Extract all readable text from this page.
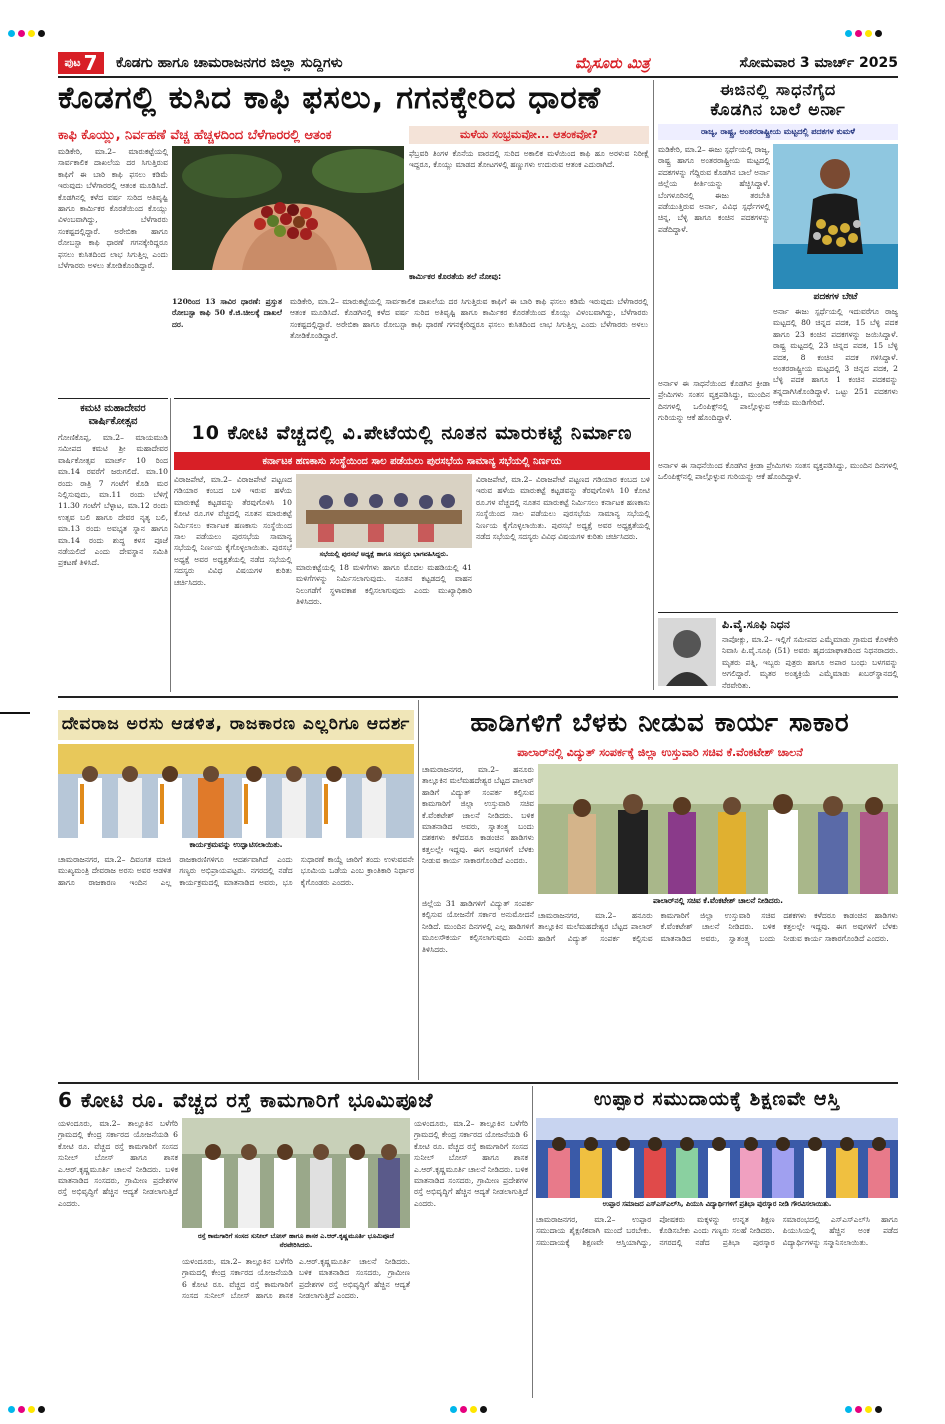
ಪುಟ 7 ಕೊಡಗು ಹಾಗೂ ಚಾಮರಾಜನಗರ ಜಿಲ್ಲಾ ಸುದ್ದಿಗಳು	ಮೈಸೂರು ಮಿತ್ರ	ಸೋಮವಾರ 3 ಮಾರ್ಚ್ 2025
ಕೊಡಗಲ್ಲಿ ಕುಸಿದ ಕಾಫಿ ಫಸಲು, ಗಗನಕ್ಕೇರಿದ ಧಾರಣೆ
ಕಾಫಿ ಕೊಯ್ಲು, ನಿರ್ವಹಣೆ ವೆಚ್ಚ ಹೆಚ್ಚಳದಿಂದ ಬೆಳೆಗಾರರಲ್ಲಿ ಆತಂಕ
ಮಡಿಕೇರಿ, ಮಾ.2– ಮಾರುಕಟ್ಟೆಯಲ್ಲಿ ಸಾರ್ವಕಾಲಿಕ ದಾಖಲೆಯ ದರ ಸಿಗುತ್ತಿರುವ ಕಾಫಿಗೆ ಈ ಬಾರಿ ಕಾಫಿ ಫಸಲು ಕಡಿಮೆ ಇರುವುದು ಬೆಳೆಗಾರರಲ್ಲಿ ಆತಂಕ ಮೂಡಿಸಿದೆ. ಕೊಡಗಿನಲ್ಲಿ ಕಳೆದ ವರ್ಷ ಸುರಿದ ಅತಿವೃಷ್ಟಿ ಹಾಗೂ ಕಾರ್ಮಿಕರ ಕೊರತೆಯಿಂದ ಕೊಯ್ಲು ವಿಳಂಬವಾಗಿದ್ದು, ಬೆಳೆಗಾರರು ಸಂಕಷ್ಟದಲ್ಲಿದ್ದಾರೆ. ಅರೇಬಿಕಾ ಹಾಗೂ ರೋಬಸ್ಟಾ ಕಾಫಿ ಧಾರಣೆ ಗಗನಕ್ಕೇರಿದ್ದರೂ ಫಸಲು ಕುಸಿತದಿಂದ ಲಾಭ ಸಿಗುತ್ತಿಲ್ಲ ಎಂದು ಬೆಳೆಗಾರರು ಅಳಲು ತೋಡಿಕೊಂಡಿದ್ದಾರೆ.
ಮಳೆಯ ಸಂಭ್ರಮವೋ... ಆತಂಕವೋ?
ಫೆಬ್ರವರಿ ತಿಂಗಳ ಕೊನೆಯ ವಾರದಲ್ಲಿ ಸುರಿದ ಅಕಾಲಿಕ ಮಳೆಯಿಂದ ಕಾಫಿ ಹೂ ಅರಳುವ ನಿರೀಕ್ಷೆ ಇದ್ದರೂ, ಕೊಯ್ಲು ಮಾಡದ ತೋಟಗಳಲ್ಲಿ ಹಣ್ಣುಗಳು ಉದುರುವ ಆತಂಕ ಎದುರಾಗಿದೆ.
120ರಿಂದ 13 ಸಾವಿರ ಧಾರಣೆ: ಪ್ರಸ್ತುತ ರೋಬಸ್ಟಾ ಕಾಫಿ 50 ಕೆ.ಜಿ.ಚೀಲಕ್ಕೆ ದಾಖಲೆ ದರ.
ಕಾರ್ಮಿಕರ ಕೊರತೆಯ ತಲೆ ನೋವು:
ಮಡಿಕೇರಿ, ಮಾ.2– ಮಾರುಕಟ್ಟೆಯಲ್ಲಿ ಸಾರ್ವಕಾಲಿಕ ದಾಖಲೆಯ ದರ ಸಿಗುತ್ತಿರುವ ಕಾಫಿಗೆ ಈ ಬಾರಿ ಕಾಫಿ ಫಸಲು ಕಡಿಮೆ ಇರುವುದು ಬೆಳೆಗಾರರಲ್ಲಿ ಆತಂಕ ಮೂಡಿಸಿದೆ. ಕೊಡಗಿನಲ್ಲಿ ಕಳೆದ ವರ್ಷ ಸುರಿದ ಅತಿವೃಷ್ಟಿ ಹಾಗೂ ಕಾರ್ಮಿಕರ ಕೊರತೆಯಿಂದ ಕೊಯ್ಲು ವಿಳಂಬವಾಗಿದ್ದು, ಬೆಳೆಗಾರರು ಸಂಕಷ್ಟದಲ್ಲಿದ್ದಾರೆ. ಅರೇಬಿಕಾ ಹಾಗೂ ರೋಬಸ್ಟಾ ಕಾಫಿ ಧಾರಣೆ ಗಗನಕ್ಕೇರಿದ್ದರೂ ಫಸಲು ಕುಸಿತದಿಂದ ಲಾಭ ಸಿಗುತ್ತಿಲ್ಲ ಎಂದು ಬೆಳೆಗಾರರು ಅಳಲು ತೋಡಿಕೊಂಡಿದ್ದಾರೆ.
ಈಜಿನಲ್ಲಿ ಸಾಧನೆಗೈದ
ಕೊಡಗಿನ ಬಾಲೆ ಅರ್ನಾ
ರಾಜ್ಯ, ರಾಷ್ಟ್ರ, ಅಂತರರಾಷ್ಟ್ರೀಯ ಮಟ್ಟದಲ್ಲಿ ಪದಕಗಳ ಕುಮಳೆ
ಮಡಿಕೇರಿ, ಮಾ.2– ಈಜು ಸ್ಪರ್ಧೆಯಲ್ಲಿ ರಾಜ್ಯ, ರಾಷ್ಟ್ರ ಹಾಗೂ ಅಂತರರಾಷ್ಟ್ರೀಯ ಮಟ್ಟದಲ್ಲಿ ಪದಕಗಳನ್ನು ಗೆದ್ದಿರುವ ಕೊಡಗಿನ ಬಾಲೆ ಅರ್ನಾ ಜಿಲ್ಲೆಯ ಕೀರ್ತಿಯನ್ನು ಹೆಚ್ಚಿಸಿದ್ದಾಳೆ. ಬೆಂಗಳೂರಿನಲ್ಲಿ ಈಜು ತರಬೇತಿ ಪಡೆಯುತ್ತಿರುವ ಅರ್ನಾ, ವಿವಿಧ ಸ್ಪರ್ಧೆಗಳಲ್ಲಿ ಚಿನ್ನ, ಬೆಳ್ಳಿ ಹಾಗೂ ಕಂಚಿನ ಪದಕಗಳನ್ನು ಪಡೆದಿದ್ದಾಳೆ.
ಪದಕಗಳ ಬೇಟೆ
ಅರ್ನಾ ಈಜು ಸ್ಪರ್ಧೆಯಲ್ಲಿ ಇದುವರೆಗೂ ರಾಜ್ಯ ಮಟ್ಟದಲ್ಲಿ 80 ಚಿನ್ನದ ಪದಕ, 15 ಬೆಳ್ಳಿ ಪದಕ ಹಾಗೂ 23 ಕಂಚಿನ ಪದಕಗಳನ್ನು ಜಯಿಸಿದ್ದಾಳೆ. ರಾಷ್ಟ್ರ ಮಟ್ಟದಲ್ಲಿ 23 ಚಿನ್ನದ ಪದಕ, 15 ಬೆಳ್ಳಿ ಪದಕ, 8 ಕಂಚಿನ ಪದಕ ಗಳಿಸಿದ್ದಾಳೆ. ಅಂತರರಾಷ್ಟ್ರೀಯ ಮಟ್ಟದಲ್ಲಿ 3 ಚಿನ್ನದ ಪದಕ, 2 ಬೆಳ್ಳಿ ಪದಕ ಹಾಗೂ 1 ಕಂಚಿನ ಪದಕವನ್ನು ತನ್ನದಾಗಿಸಿಕೊಂಡಿದ್ದಾಳೆ. ಒಟ್ಟು 251 ಪದಕಗಳು ಆಕೆಯ ಮುಡಿಗೇರಿವೆ.
ಅರ್ನಾಳ ಈ ಸಾಧನೆಯಿಂದ ಕೊಡಗಿನ ಕ್ರೀಡಾ ಪ್ರೇಮಿಗಳು ಸಂತಸ ವ್ಯಕ್ತಪಡಿಸಿದ್ದು, ಮುಂದಿನ ದಿನಗಳಲ್ಲಿ ಒಲಿಂಪಿಕ್ಸ್‌ನಲ್ಲಿ ಪಾಲ್ಗೊಳ್ಳುವ ಗುರಿಯನ್ನು ಆಕೆ ಹೊಂದಿದ್ದಾಳೆ.
ಅರ್ನಾಳ ಈ ಸಾಧನೆಯಿಂದ ಕೊಡಗಿನ ಕ್ರೀಡಾ ಪ್ರೇಮಿಗಳು ಸಂತಸ ವ್ಯಕ್ತಪಡಿಸಿದ್ದು, ಮುಂದಿನ ದಿನಗಳಲ್ಲಿ ಒಲಿಂಪಿಕ್ಸ್‌ನಲ್ಲಿ ಪಾಲ್ಗೊಳ್ಳುವ ಗುರಿಯನ್ನು ಆಕೆ ಹೊಂದಿದ್ದಾಳೆ.
ಪಿ.ವೈ.ಸೂಫಿ ನಿಧನ
ನಾಪೋಕ್ಲು, ಮಾ.2– ಇಲ್ಲಿಗೆ ಸಮೀಪದ ಎಮ್ಮೆಮಾಡು ಗ್ರಾಮದ ಕೊಳಕೇರಿ ನಿವಾಸಿ ಪಿ.ವೈ.ಸೂಫಿ (51) ಅವರು ಹೃದಯಾಘಾತದಿಂದ ನಿಧನರಾದರು. ಮೃತರು ಪತ್ನಿ, ಇಬ್ಬರು ಪುತ್ರರು ಹಾಗೂ ಅಪಾರ ಬಂಧು ಬಳಗವನ್ನು ಅಗಲಿದ್ದಾರೆ. ಮೃತರ ಅಂತ್ಯಕ್ರಿಯೆ ಎಮ್ಮೆಮಾಡು ಖಬರ್‌ಸ್ಥಾನದಲ್ಲಿ ನೆರವೇರಿತು.
ಕಮಟಿ ಮಹಾದೇವರ ವಾರ್ಷಿಕೋತ್ಸವ
ಗೋಣಿಕೊಪ್ಪ, ಮಾ.2– ಮಾಯಮುಡಿ ಸಮೀಪದ ಕಮಟಿ ಶ್ರೀ ಮಹಾದೇವರ ವಾರ್ಷಿಕೋತ್ಸವ ಮಾರ್ಚ್ 10 ರಿಂದ ಮಾ.14 ರವರೆಗೆ ಜರುಗಲಿದೆ. ಮಾ.10 ರಂದು ರಾತ್ರಿ 7 ಗಂಟೆಗೆ ಕೊಡಿ ಮರ ನಿಲ್ಲಿಸುವುದು, ಮಾ.11 ರಂದು ಬೆಳಿಗ್ಗೆ 11.30 ಗಂಟೆಗೆ ಬೆಳ್ಳಾಟ, ಮಾ.12 ರಂದು ಉತ್ಸವ ಬಲಿ ಹಾಗೂ ದೇವರ ನೃತ್ಯ ಬಲಿ, ಮಾ.13 ರಂದು ಅವಭೃತ ಸ್ನಾನ ಹಾಗೂ ಮಾ.14 ರಂದು ಶುದ್ಧ ಕಳಸ ಪೂಜೆ ನಡೆಯಲಿದೆ ಎಂದು ದೇವಸ್ಥಾನ ಸಮಿತಿ ಪ್ರಕಟಣೆ ತಿಳಿಸಿದೆ.
10 ಕೋಟಿ ವೆಚ್ಚದಲ್ಲಿ ವಿ.ಪೇಟೆಯಲ್ಲಿ ನೂತನ ಮಾರುಕಟ್ಟೆ ನಿರ್ಮಾಣ
ಕರ್ನಾಟಕ ಹಣಕಾಸು ಸಂಸ್ಥೆಯಿಂದ ಸಾಲ ಪಡೆಯಲು ಪುರಸಭೆಯ ಸಾಮಾನ್ಯ ಸಭೆಯಲ್ಲಿ ನಿರ್ಣಯ
ವಿರಾಜಪೇಟೆ, ಮಾ.2– ವಿರಾಜಪೇಟೆ ಪಟ್ಟಣದ ಗಡಿಯಾರ ಕಂಬದ ಬಳಿ ಇರುವ ಹಳೆಯ ಮಾರುಕಟ್ಟೆ ಕಟ್ಟಡವನ್ನು ತೆರವುಗೊಳಿಸಿ 10 ಕೋಟಿ ರೂ.ಗಳ ವೆಚ್ಚದಲ್ಲಿ ನೂತನ ಮಾರುಕಟ್ಟೆ ನಿರ್ಮಿಸಲು ಕರ್ನಾಟಕ ಹಣಕಾಸು ಸಂಸ್ಥೆಯಿಂದ ಸಾಲ ಪಡೆಯಲು ಪುರಸಭೆಯ ಸಾಮಾನ್ಯ ಸಭೆಯಲ್ಲಿ ನಿರ್ಣಯ ಕೈಗೊಳ್ಳಲಾಯಿತು. ಪುರಸಭೆ ಅಧ್ಯಕ್ಷೆ ಅವರ ಅಧ್ಯಕ್ಷತೆಯಲ್ಲಿ ನಡೆದ ಸಭೆಯಲ್ಲಿ ಸದಸ್ಯರು ವಿವಿಧ ವಿಷಯಗಳ ಕುರಿತು ಚರ್ಚಿಸಿದರು.
ಸಭೆಯಲ್ಲಿ ಪುರಸಭೆ ಅಧ್ಯಕ್ಷೆ ಹಾಗೂ ಸದಸ್ಯರು ಭಾಗವಹಿಸಿದ್ದರು.
ಮಾರುಕಟ್ಟೆಯಲ್ಲಿ 18 ಮಳಿಗೆಗಳು ಹಾಗೂ ಮೊದಲ ಮಹಡಿಯಲ್ಲಿ 41 ಮಳಿಗೆಗಳನ್ನು ನಿರ್ಮಿಸಲಾಗುವುದು. ನೂತನ ಕಟ್ಟಡದಲ್ಲಿ ವಾಹನ ನಿಲುಗಡೆಗೆ ಸ್ಥಳಾವಕಾಶ ಕಲ್ಪಿಸಲಾಗುವುದು ಎಂದು ಮುಖ್ಯಾಧಿಕಾರಿ ತಿಳಿಸಿದರು.
ವಿರಾಜಪೇಟೆ, ಮಾ.2– ವಿರಾಜಪೇಟೆ ಪಟ್ಟಣದ ಗಡಿಯಾರ ಕಂಬದ ಬಳಿ ಇರುವ ಹಳೆಯ ಮಾರುಕಟ್ಟೆ ಕಟ್ಟಡವನ್ನು ತೆರವುಗೊಳಿಸಿ 10 ಕೋಟಿ ರೂ.ಗಳ ವೆಚ್ಚದಲ್ಲಿ ನೂತನ ಮಾರುಕಟ್ಟೆ ನಿರ್ಮಿಸಲು ಕರ್ನಾಟಕ ಹಣಕಾಸು ಸಂಸ್ಥೆಯಿಂದ ಸಾಲ ಪಡೆಯಲು ಪುರಸಭೆಯ ಸಾಮಾನ್ಯ ಸಭೆಯಲ್ಲಿ ನಿರ್ಣಯ ಕೈಗೊಳ್ಳಲಾಯಿತು. ಪುರಸಭೆ ಅಧ್ಯಕ್ಷೆ ಅವರ ಅಧ್ಯಕ್ಷತೆಯಲ್ಲಿ ನಡೆದ ಸಭೆಯಲ್ಲಿ ಸದಸ್ಯರು ವಿವಿಧ ವಿಷಯಗಳ ಕುರಿತು ಚರ್ಚಿಸಿದರು.
ದೇವರಾಜ ಅರಸು ಆಡಳಿತ, ರಾಜಕಾರಣ ಎಲ್ಲರಿಗೂ ಆದರ್ಶ
ಕಾರ್ಯಕ್ರಮವನ್ನು ಉದ್ಘಾಟಿಸಲಾಯಿತು.
ಚಾಮರಾಜನಗರ, ಮಾ.2– ದಿವಂಗತ ಮಾಜಿ ಮುಖ್ಯಮಂತ್ರಿ ದೇವರಾಜ ಅರಸು ಅವರ ಆಡಳಿತ ಹಾಗೂ ರಾಜಕಾರಣ ಇಂದಿನ ಎಲ್ಲ ರಾಜಕಾರಣಿಗಳಿಗೂ ಆದರ್ಶವಾಗಿದೆ ಎಂದು ಗಣ್ಯರು ಅಭಿಪ್ರಾಯಪಟ್ಟರು. ನಗರದಲ್ಲಿ ನಡೆದ ಕಾರ್ಯಕ್ರಮದಲ್ಲಿ ಮಾತನಾಡಿದ ಅವರು, ಭೂ ಸುಧಾರಣೆ ಕಾಯ್ದೆ ಜಾರಿಗೆ ತಂದು ಉಳುವವನೇ ಭೂಮಿಯ ಒಡೆಯ ಎಂಬ ಕ್ರಾಂತಿಕಾರಿ ನಿರ್ಧಾರ ಕೈಗೊಂಡರು ಎಂದರು.
ಹಾಡಿಗಳಿಗೆ ಬೆಳಕು ನೀಡುವ ಕಾರ್ಯ ಸಾಕಾರ
ಪಾಲಾರ್‌ನಲ್ಲಿ ವಿದ್ಯುತ್ ಸಂಪರ್ಕಕ್ಕೆ ಜಿಲ್ಲಾ ಉಸ್ತುವಾರಿ ಸಚಿವ ಕೆ.ವೆಂಕಟೇಶ್ ಚಾಲನೆ
ಚಾಮರಾಜನಗರ, ಮಾ.2– ಹನೂರು ತಾಲ್ಲೂಕಿನ ಮಲೆಮಹದೇಶ್ವರ ಬೆಟ್ಟದ ಪಾಲಾರ್ ಹಾಡಿಗೆ ವಿದ್ಯುತ್ ಸಂಪರ್ಕ ಕಲ್ಪಿಸುವ ಕಾಮಗಾರಿಗೆ ಜಿಲ್ಲಾ ಉಸ್ತುವಾರಿ ಸಚಿವ ಕೆ.ವೆಂಕಟೇಶ್ ಚಾಲನೆ ನೀಡಿದರು. ಬಳಿಕ ಮಾತನಾಡಿದ ಅವರು, ಸ್ವಾತಂತ್ರ್ಯ ಬಂದು ದಶಕಗಳು ಕಳೆದರೂ ಕಾಡಂಚಿನ ಹಾಡಿಗಳು ಕತ್ತಲಲ್ಲೇ ಇದ್ದವು. ಈಗ ಅವುಗಳಿಗೆ ಬೆಳಕು ನೀಡುವ ಕಾರ್ಯ ಸಾಕಾರಗೊಂಡಿದೆ ಎಂದರು.
ಪಾಲಾರ್‌ನಲ್ಲಿ ಸಚಿವ ಕೆ.ವೆಂಕಟೇಶ್ ಚಾಲನೆ ನೀಡಿದರು.
ಜಿಲ್ಲೆಯ 31 ಹಾಡಿಗಳಿಗೆ ವಿದ್ಯುತ್ ಸಂಪರ್ಕ ಕಲ್ಪಿಸುವ ಯೋಜನೆಗೆ ಸರ್ಕಾರ ಅನುಮೋದನೆ ನೀಡಿದೆ. ಮುಂದಿನ ದಿನಗಳಲ್ಲಿ ಎಲ್ಲ ಹಾಡಿಗಳಿಗೆ ಮೂಲಸೌಕರ್ಯ ಕಲ್ಪಿಸಲಾಗುವುದು ಎಂದು ತಿಳಿಸಿದರು.
ಚಾಮರಾಜನಗರ, ಮಾ.2– ಹನೂರು ತಾಲ್ಲೂಕಿನ ಮಲೆಮಹದೇಶ್ವರ ಬೆಟ್ಟದ ಪಾಲಾರ್ ಹಾಡಿಗೆ ವಿದ್ಯುತ್ ಸಂಪರ್ಕ ಕಲ್ಪಿಸುವ ಕಾಮಗಾರಿಗೆ ಜಿಲ್ಲಾ ಉಸ್ತುವಾರಿ ಸಚಿವ ಕೆ.ವೆಂಕಟೇಶ್ ಚಾಲನೆ ನೀಡಿದರು. ಬಳಿಕ ಮಾತನಾಡಿದ ಅವರು, ಸ್ವಾತಂತ್ರ್ಯ ಬಂದು ದಶಕಗಳು ಕಳೆದರೂ ಕಾಡಂಚಿನ ಹಾಡಿಗಳು ಕತ್ತಲಲ್ಲೇ ಇದ್ದವು. ಈಗ ಅವುಗಳಿಗೆ ಬೆಳಕು ನೀಡುವ ಕಾರ್ಯ ಸಾಕಾರಗೊಂಡಿದೆ ಎಂದರು.
6 ಕೋಟಿ ರೂ. ವೆಚ್ಚದ ರಸ್ತೆ ಕಾಮಗಾರಿಗೆ ಭೂಮಿಪೂಜೆ
ಯಳಂದೂರು, ಮಾ.2– ತಾಲ್ಲೂಕಿನ ಬಳೆಗೆರಿ ಗ್ರಾಮದಲ್ಲಿ ಕೇಂದ್ರ ಸರ್ಕಾರದ ಯೋಜನೆಯಡಿ 6 ಕೋಟಿ ರೂ. ವೆಚ್ಚದ ರಸ್ತೆ ಕಾಮಗಾರಿಗೆ ಸಂಸದ ಸುನೀಲ್ ಬೋಸ್ ಹಾಗೂ ಶಾಸಕ ಎ.ಆರ್.ಕೃಷ್ಣಮೂರ್ತಿ ಚಾಲನೆ ನೀಡಿದರು. ಬಳಿಕ ಮಾತನಾಡಿದ ಸಂಸದರು, ಗ್ರಾಮೀಣ ಪ್ರದೇಶಗಳ ರಸ್ತೆ ಅಭಿವೃದ್ಧಿಗೆ ಹೆಚ್ಚಿನ ಆದ್ಯತೆ ನೀಡಲಾಗುತ್ತಿದೆ ಎಂದರು.
ರಸ್ತೆ ಕಾಮಗಾರಿಗೆ ಸಂಸದ ಸುನೀಲ್ ಬೋಸ್ ಹಾಗೂ ಶಾಸಕ ಎ.ಆರ್.ಕೃಷ್ಣಮೂರ್ತಿ ಭೂಮಿಪೂಜೆ ನೆರವೇರಿಸಿದರು.
ಯಳಂದೂರು, ಮಾ.2– ತಾಲ್ಲೂಕಿನ ಬಳೆಗೆರಿ ಗ್ರಾಮದಲ್ಲಿ ಕೇಂದ್ರ ಸರ್ಕಾರದ ಯೋಜನೆಯಡಿ 6 ಕೋಟಿ ರೂ. ವೆಚ್ಚದ ರಸ್ತೆ ಕಾಮಗಾರಿಗೆ ಸಂಸದ ಸುನೀಲ್ ಬೋಸ್ ಹಾಗೂ ಶಾಸಕ ಎ.ಆರ್.ಕೃಷ್ಣಮೂರ್ತಿ ಚಾಲನೆ ನೀಡಿದರು. ಬಳಿಕ ಮಾತನಾಡಿದ ಸಂಸದರು, ಗ್ರಾಮೀಣ ಪ್ರದೇಶಗಳ ರಸ್ತೆ ಅಭಿವೃದ್ಧಿಗೆ ಹೆಚ್ಚಿನ ಆದ್ಯತೆ ನೀಡಲಾಗುತ್ತಿದೆ ಎಂದರು.
ಯಳಂದೂರು, ಮಾ.2– ತಾಲ್ಲೂಕಿನ ಬಳೆಗೆರಿ ಗ್ರಾಮದಲ್ಲಿ ಕೇಂದ್ರ ಸರ್ಕಾರದ ಯೋಜನೆಯಡಿ 6 ಕೋಟಿ ರೂ. ವೆಚ್ಚದ ರಸ್ತೆ ಕಾಮಗಾರಿಗೆ ಸಂಸದ ಸುನೀಲ್ ಬೋಸ್ ಹಾಗೂ ಶಾಸಕ ಎ.ಆರ್.ಕೃಷ್ಣಮೂರ್ತಿ ಚಾಲನೆ ನೀಡಿದರು. ಬಳಿಕ ಮಾತನಾಡಿದ ಸಂಸದರು, ಗ್ರಾಮೀಣ ಪ್ರದೇಶಗಳ ರಸ್ತೆ ಅಭಿವೃದ್ಧಿಗೆ ಹೆಚ್ಚಿನ ಆದ್ಯತೆ ನೀಡಲಾಗುತ್ತಿದೆ ಎಂದರು.
ಉಪ್ಪಾರ ಸಮುದಾಯಕ್ಕೆ ಶಿಕ್ಷಣವೇ ಆಸ್ತಿ
ಉಪ್ಪಾರ ಸಮಾಜದ ಎಸ್ಎಸ್ಎಲ್‌ಸಿ, ಪಿಯುಸಿ ವಿದ್ಯಾರ್ಥಿಗಳಿಗೆ ಪ್ರತಿಭಾ ಪುರಸ್ಕಾರ ನೀಡಿ ಗೌರವಿಸಲಾಯಿತು.
ಚಾಮರಾಜನಗರ, ಮಾ.2– ಉಪ್ಪಾರ ಸಮುದಾಯ ಶೈಕ್ಷಣಿಕವಾಗಿ ಮುಂದೆ ಬರಬೇಕು. ಸಮುದಾಯಕ್ಕೆ ಶಿಕ್ಷಣವೇ ಆಸ್ತಿಯಾಗಿದ್ದು, ಪೋಷಕರು ಮಕ್ಕಳನ್ನು ಉನ್ನತ ಶಿಕ್ಷಣ ಕೊಡಿಸಬೇಕು ಎಂದು ಗಣ್ಯರು ಸಲಹೆ ನೀಡಿದರು. ನಗರದಲ್ಲಿ ನಡೆದ ಪ್ರತಿಭಾ ಪುರಸ್ಕಾರ ಸಮಾರಂಭದಲ್ಲಿ ಎಸ್ಎಸ್ಎಲ್‌ಸಿ ಹಾಗೂ ಪಿಯುಸಿಯಲ್ಲಿ ಹೆಚ್ಚಿನ ಅಂಕ ಪಡೆದ ವಿದ್ಯಾರ್ಥಿಗಳನ್ನು ಸನ್ಮಾನಿಸಲಾಯಿತು.
